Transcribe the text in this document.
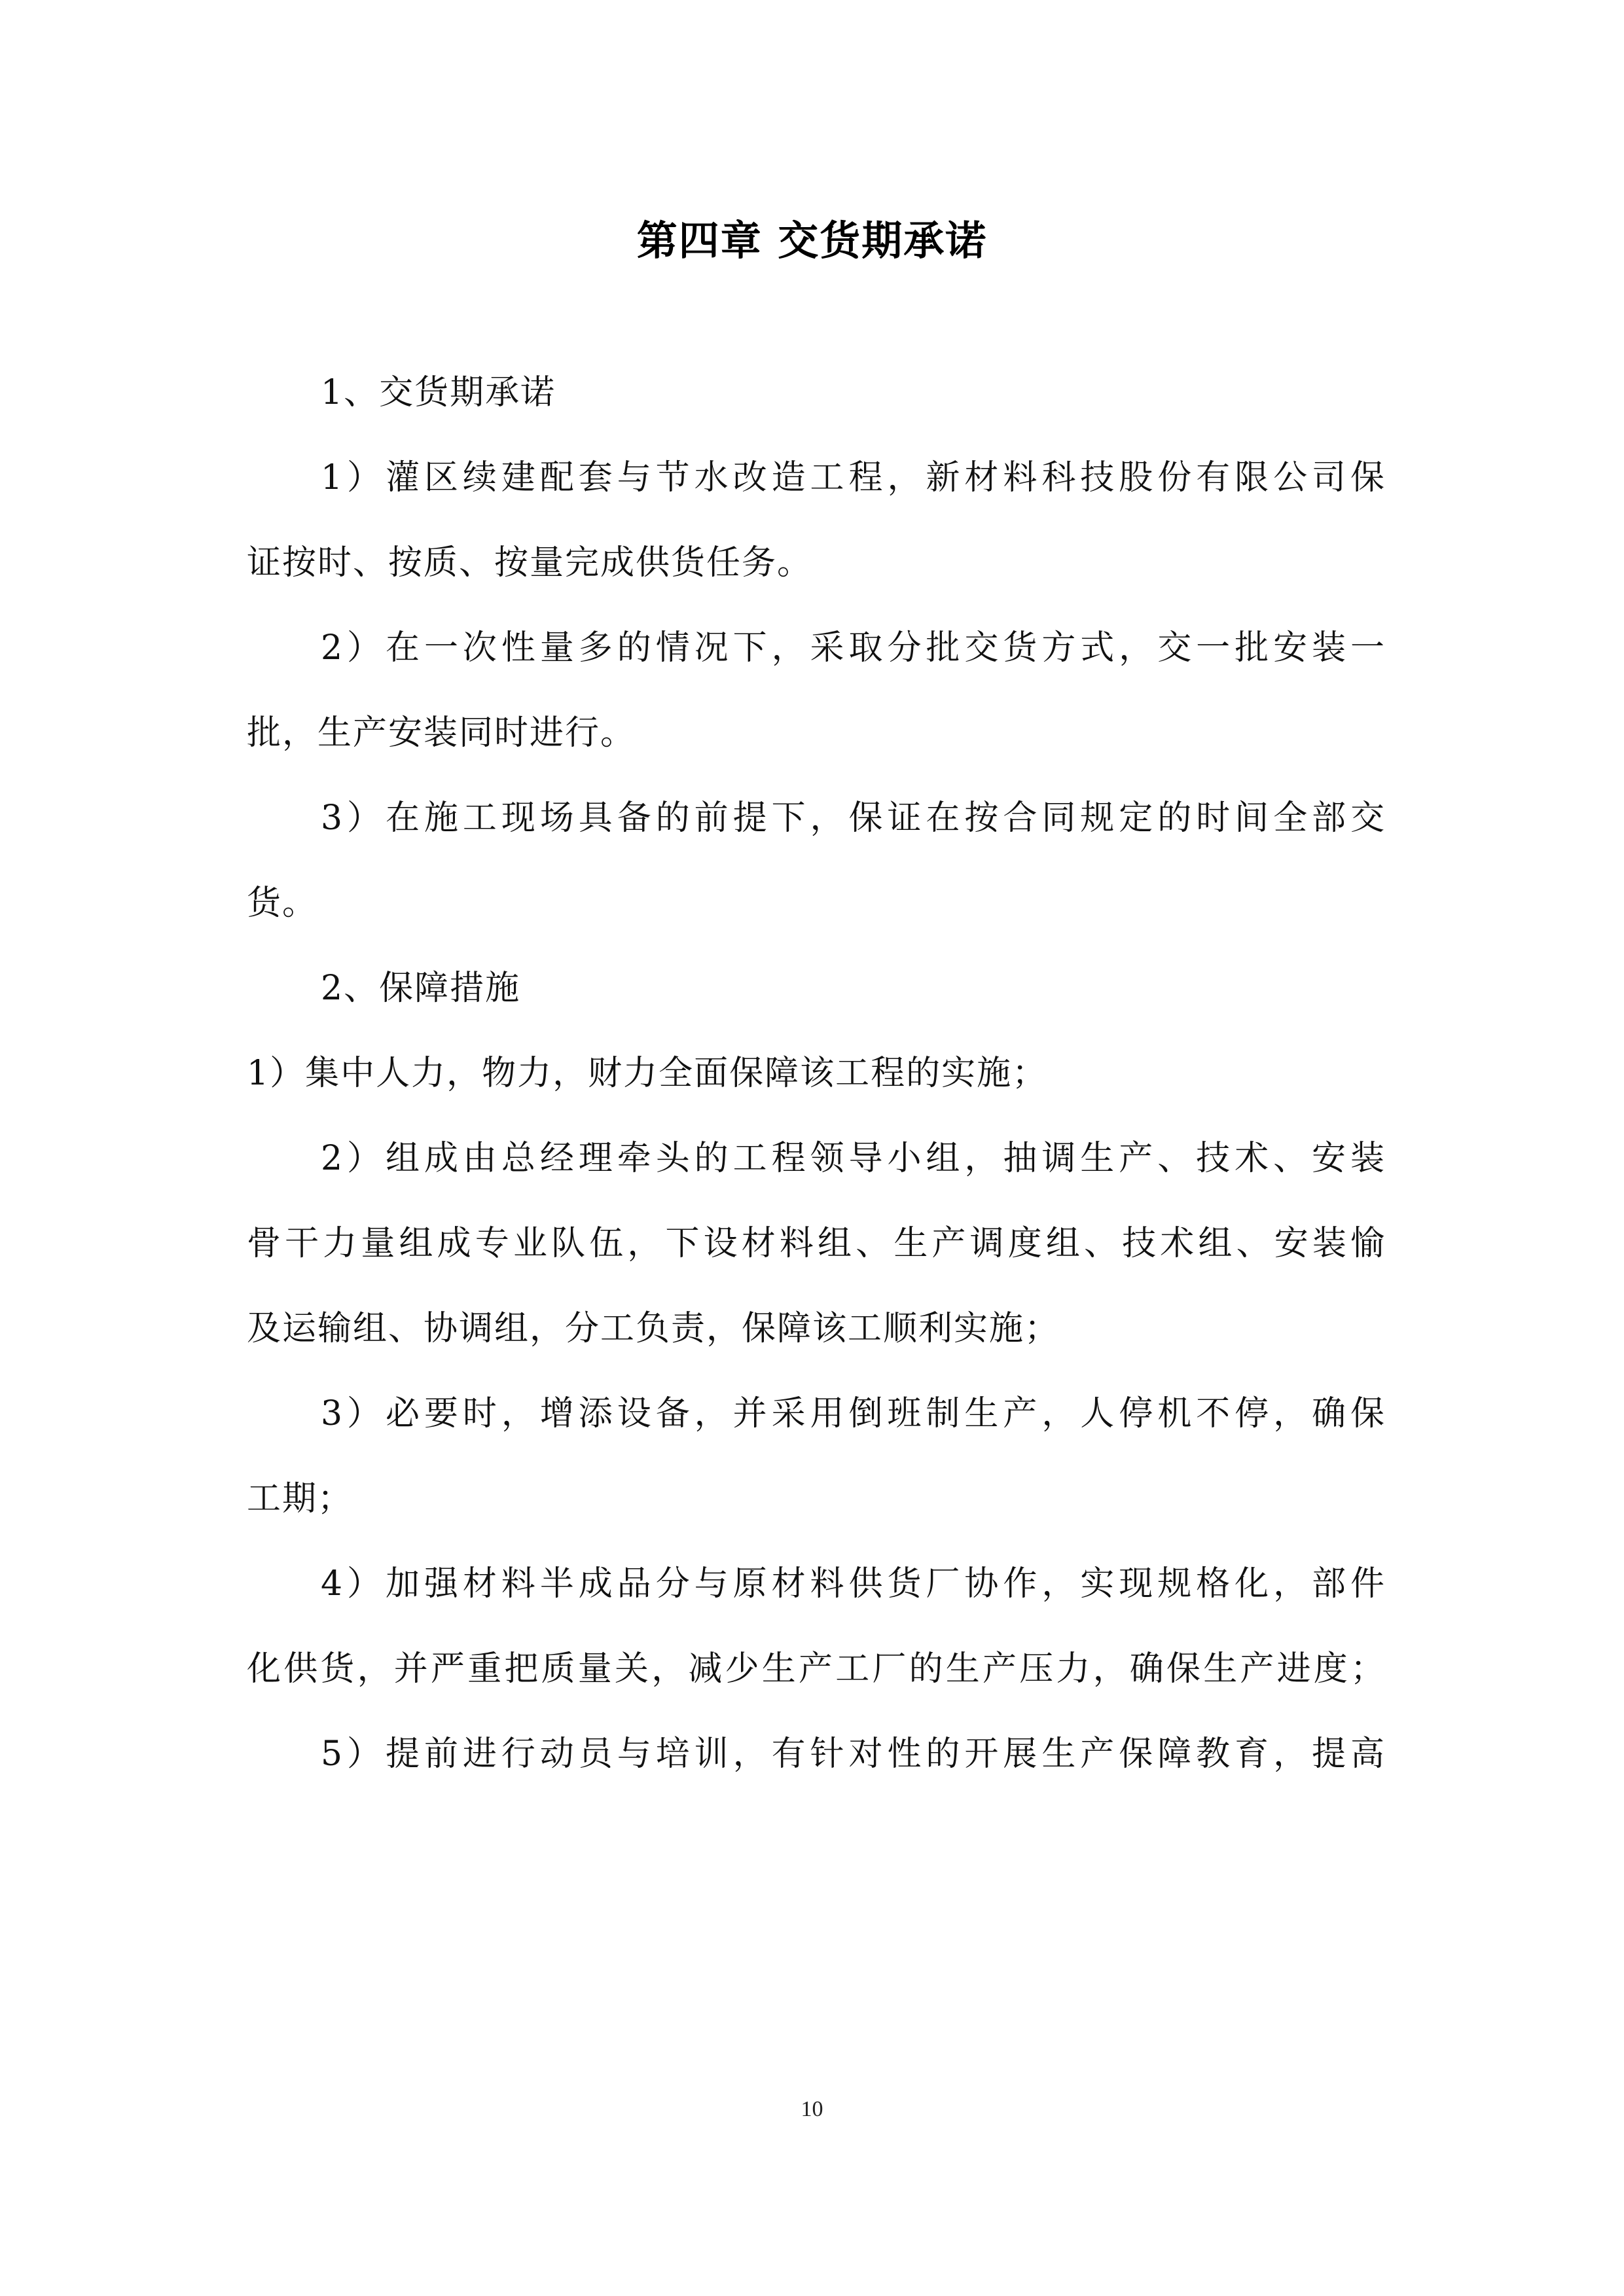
第四章 交货期承诺
1、交货期承诺
1）灌区续建配套与节水改造工程，新材料科技股份有限公司保
证按时、按质、按量完成供货任务。
2）在一次性量多的情况下，采取分批交货方式，交一批安装一
批，生产安装同时进行。
3）在施工现场具备的前提下，保证在按合同规定的时间全部交
货。
2、保障措施
1）集中人力，物力，财力全面保障该工程的实施；
2）组成由总经理牵头的工程领导小组，抽调生产、技术、安装
骨干力量组成专业队伍，下设材料组、生产调度组、技术组、安装愉
及运输组、协调组，分工负责，保障该工顺利实施；
3）必要时，增添设备，并采用倒班制生产，人停机不停，确保
工期；
4）加强材料半成品分与原材料供货厂协作，实现规格化，部件
化供货，并严重把质量关，减少生产工厂的生产压力，确保生产进度；
5）提前进行动员与培训，有针对性的开展生产保障教育，提高
10
